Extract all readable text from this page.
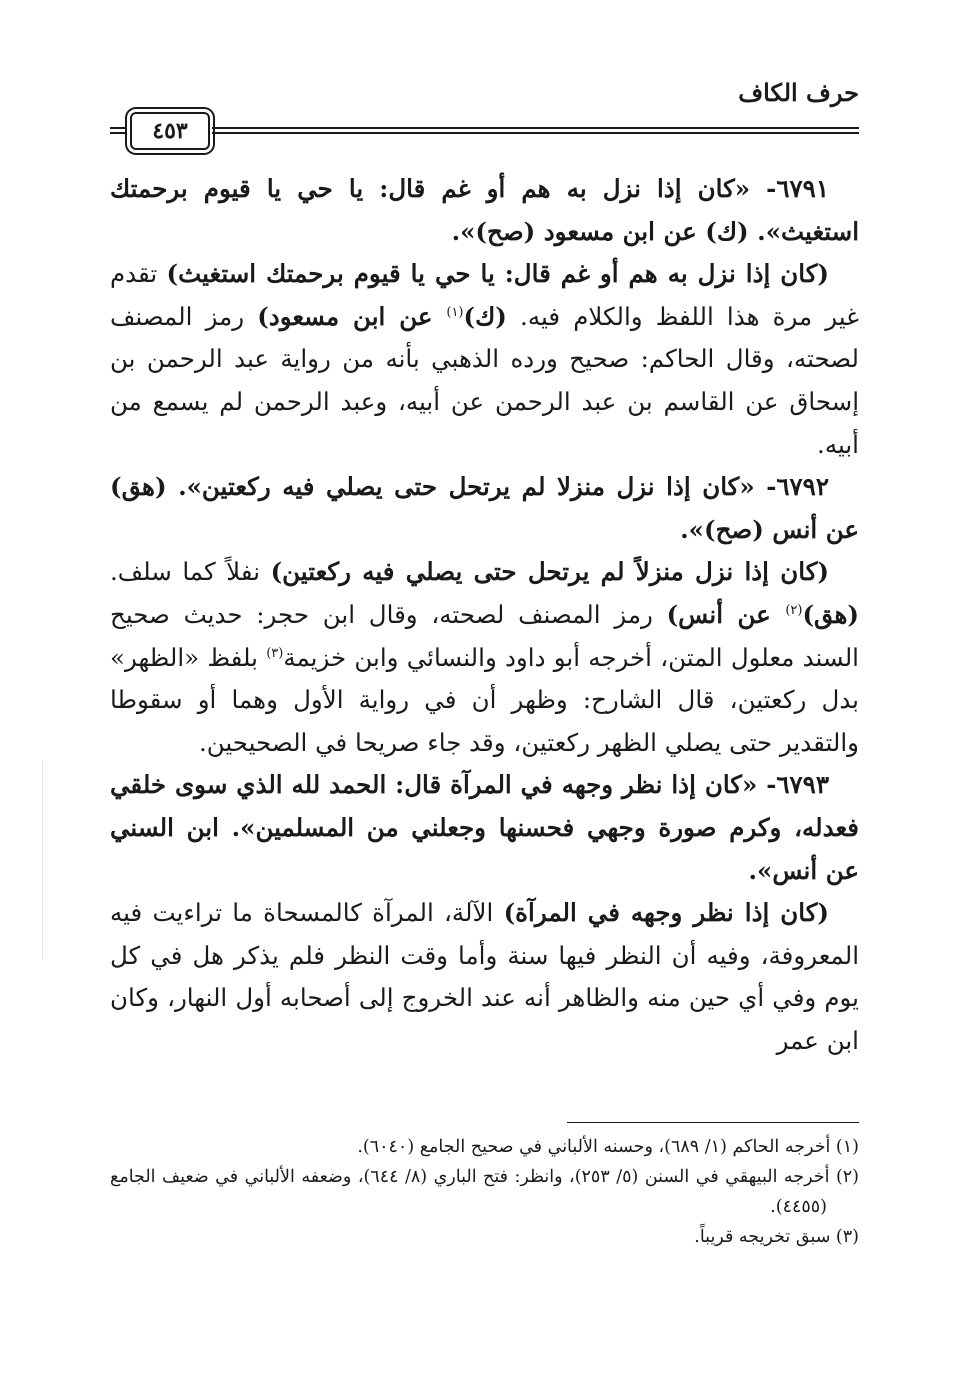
حرف الكاف
٤٥٣

٦٧٩١- «كان إذا نزل به هم أو غم قال: يا حي يا قيوم برحمتك استغيث». (ك) عن ابن مسعود (صح)».

(كان إذا نزل به هم أو غم قال: يا حي يا قيوم برحمتك استغيث) تقدم غير مرة هذا اللفظ والكلام فيه. (ك)$^{(١)}$ عن ابن مسعود) رمز المصنف لصحته، وقال الحاكم: صحيح ورده الذهبي بأنه من رواية عبد الرحمن بن إسحاق عن القاسم بن عبد الرحمن عن أبيه، وعبد الرحمن لم يسمع من أبيه.

٦٧٩٢- «كان إذا نزل منزلا لم يرتحل حتى يصلي فيه ركعتين». (هق) عن أنس (صح)».

(كان إذا نزل منزلاً لم يرتحل حتى يصلي فيه ركعتين) نفلاً كما سلف. (هق)$^{(٢)}$ عن أنس) رمز المصنف لصحته، وقال ابن حجر: حديث صحيح السند معلول المتن، أخرجه أبو داود والنسائي وابن خزيمة$^{(٣)}$ بلفظ «الظهر» بدل ركعتين، قال الشارح: وظهر أن في رواية الأول وهما أو سقوطا والتقدير حتى يصلي الظهر ركعتين، وقد جاء صريحا في الصحيحين.

٦٧٩٣- «كان إذا نظر وجهه في المرآة قال: الحمد لله الذي سوى خلقي فعدله، وكرم صورة وجهي فحسنها وجعلني من المسلمين». ابن السني عن أنس».

(كان إذا نظر وجهه في المرآة) الآلة، المرآة كالمسحاة ما تراءيت فيه المعروفة، وفيه أن النظر فيها سنة وأما وقت النظر فلم يذكر هل في كل يوم وفي أي حين منه والظاهر أنه عند الخروج إلى أصحابه أول النهار، وكان ابن عمر

(١) أخرجه الحاكم (١/ ٦٨٩)، وحسنه الألباني في صحيح الجامع (٦٠٤٠).

(٢) أخرجه البيهقي في السنن (٥/ ٢٥٣)، وانظر: فتح الباري (٨/ ٦٤٤)، وضعفه الألباني في ضعيف الجامع (٤٤٥٥).

(٣) سبق تخريجه قريباً.
